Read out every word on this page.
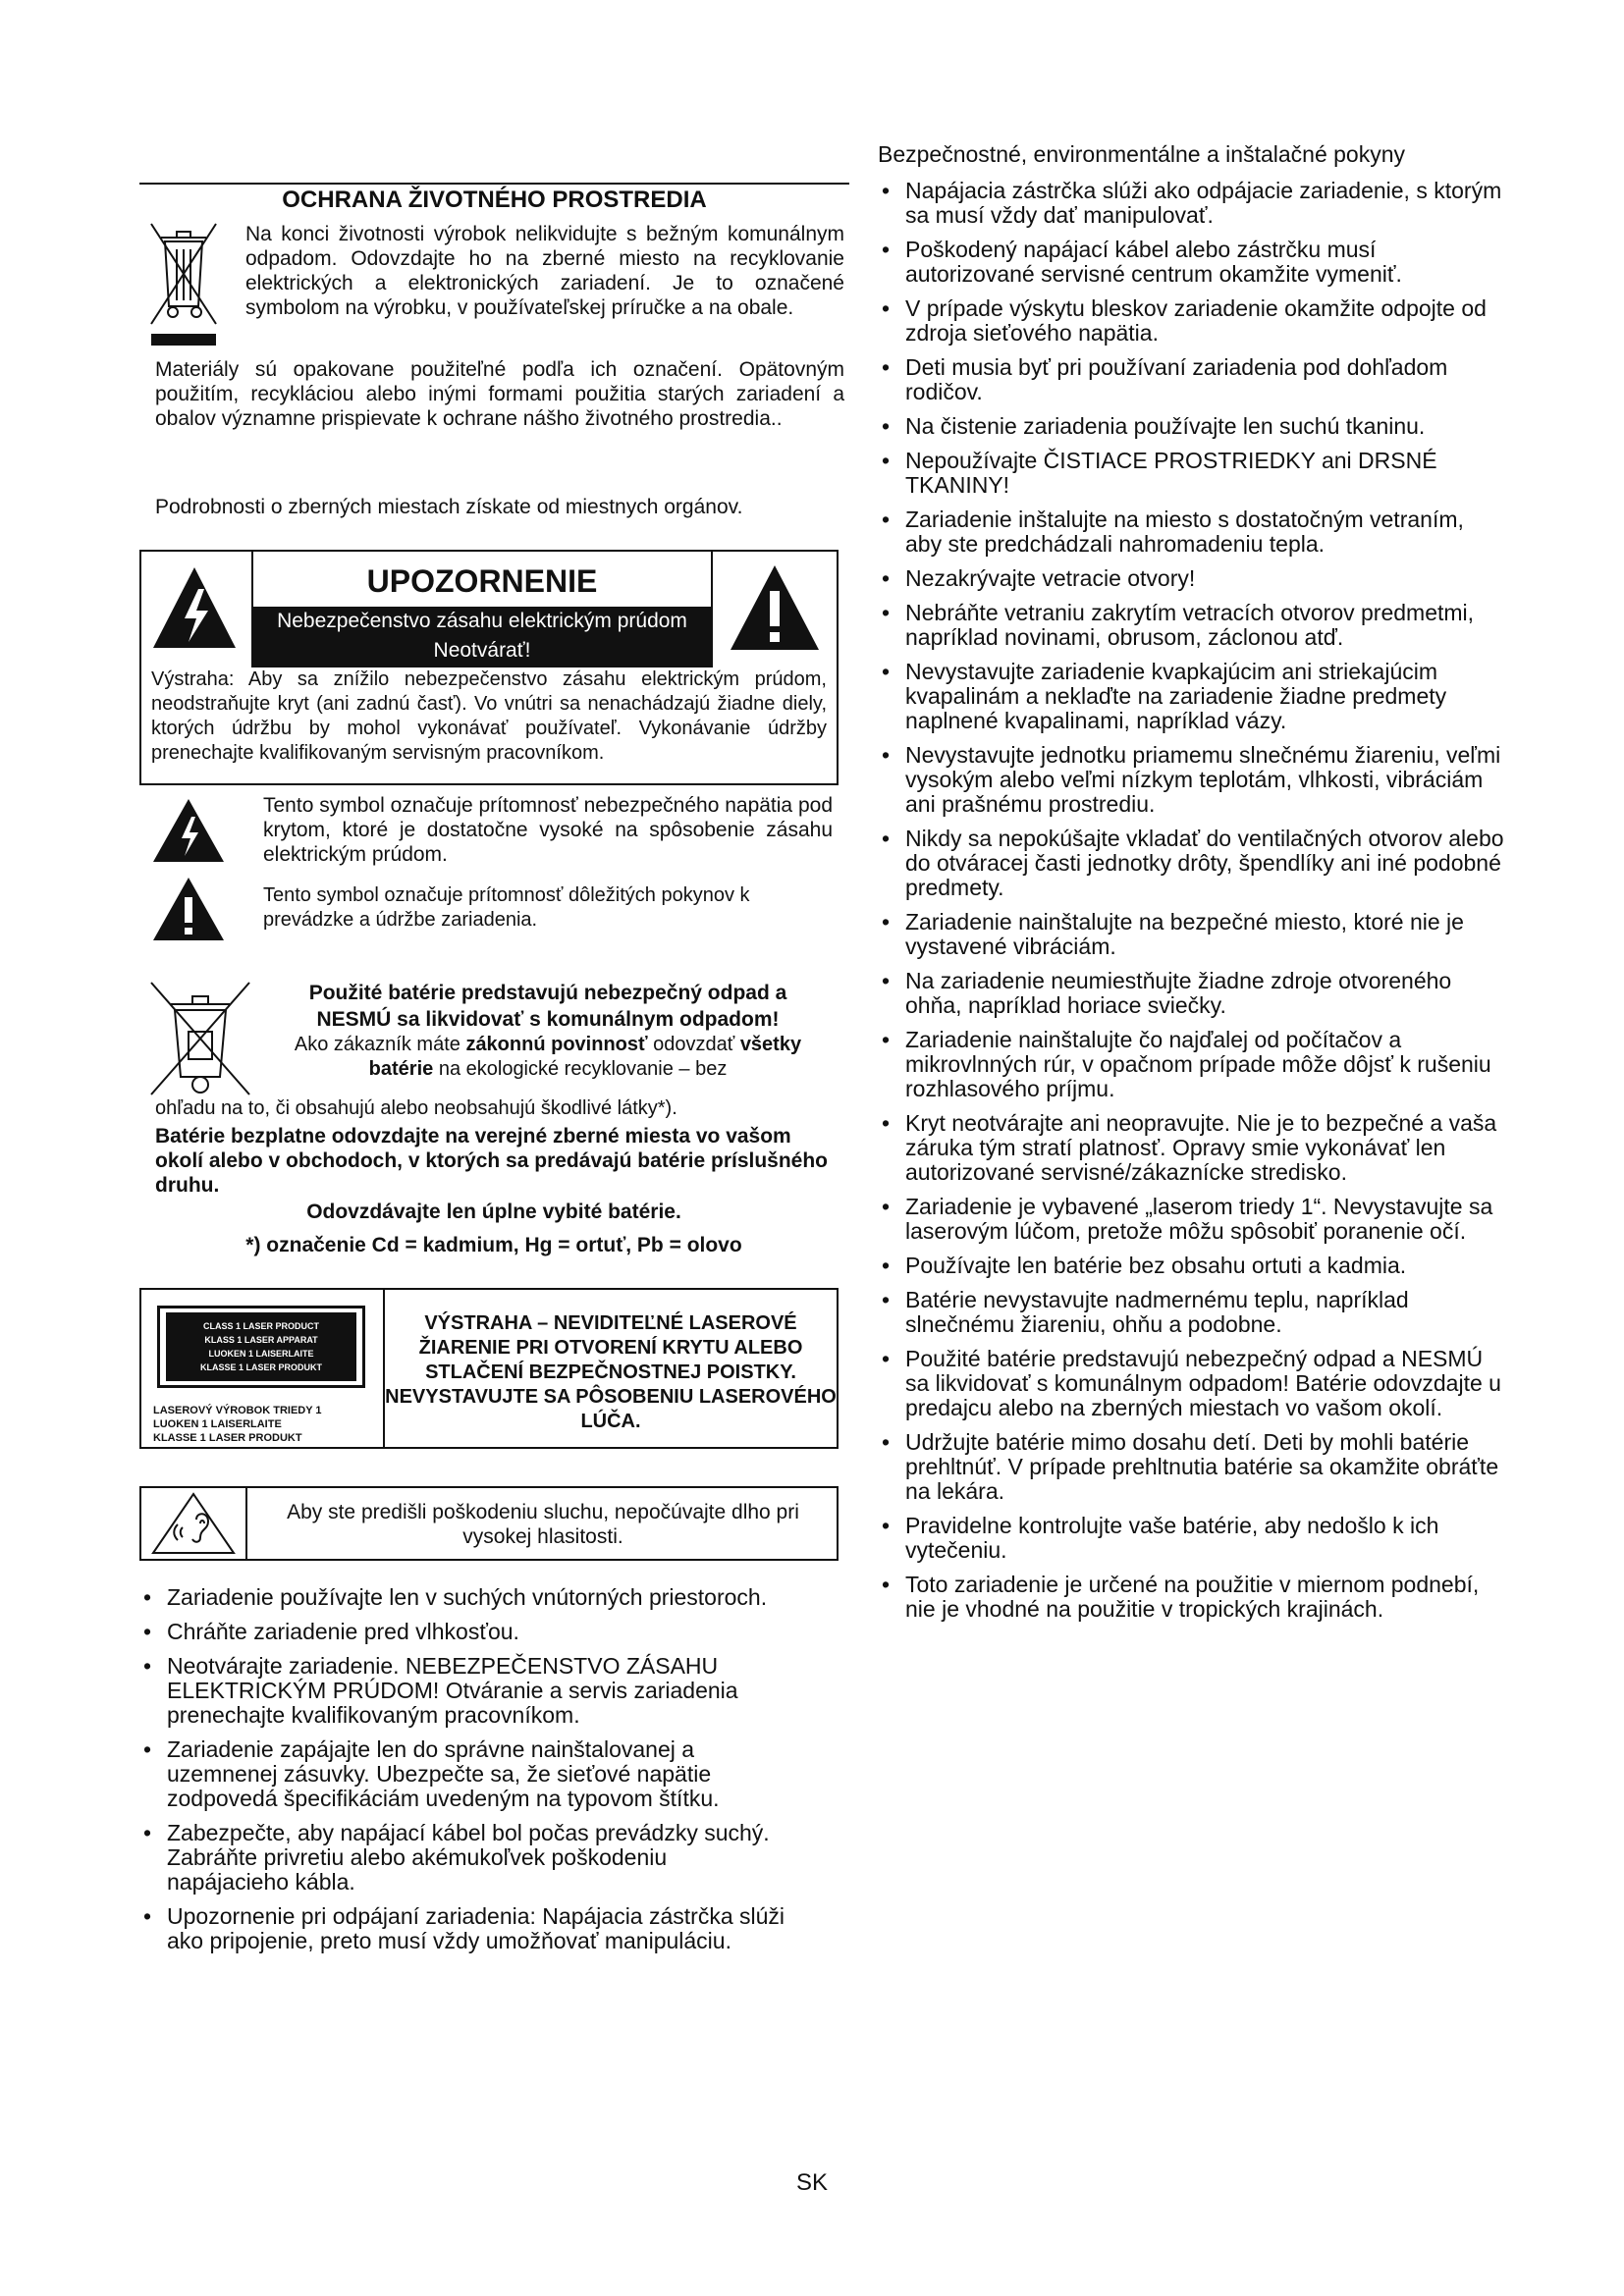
OCHRANA ŽIVOTNÉHO PROSTREDIA
Na konci životnosti výrobok nelikvidujte s bežným komunálnym odpadom. Odovzdajte ho na zberné miesto na recyklovanie elektrických a elektronických zariadení. Je to označené symbolom na výrobku, v používateľskej príručke a na obale.
Materiály sú opakovane použiteľné podľa ich označení. Opätovným použitím, recykláciou alebo inými formami použitia starých zariadení a obalov významne prispievate k ochrane nášho životného prostredia..
Podrobnosti o zberných miestach získate od miestnych orgánov.
UPOZORNENIE
Nebezpečenstvo zásahu elektrickým prúdom Neotvárať!
Výstraha: Aby sa znížilo nebezpečenstvo zásahu elektrickým prúdom, neodstraňujte kryt (ani zadnú časť). Vo vnútri sa nenachádzajú žiadne diely, ktorých údržbu by mohol vykonávať používateľ. Vykonávanie údržby prenechajte kvalifikovaným servisným pracovníkom.
Tento symbol označuje prítomnosť nebezpečného napätia pod krytom, ktoré je dostatočne vysoké na spôsobenie zásahu elektrickým prúdom.
Tento symbol označuje prítomnosť dôležitých pokynov k prevádzke a údržbe zariadenia.
Použité batérie predstavujú nebezpečný odpad a NESMÚ sa likvidovať s komunálnym odpadom!
Ako zákazník máte zákonnú povinnosť odovzdať všetky batérie na ekologické recyklovanie – bez
ohľadu na to, či obsahujú alebo neobsahujú škodlivé látky*).
Batérie bezplatne odovzdajte na verejné zberné miesta vo vašom okolí alebo v obchodoch, v ktorých sa predávajú batérie príslušného druhu.
Odovzdávajte len úplne vybité batérie.
*) označenie Cd = kadmium, Hg = ortuť, Pb = olovo
CLASS 1 LASER PRODUCT
KLASS 1 LASER APPARAT
LUOKEN 1 LAISERLAITE
KLASSE 1 LASER PRODUKT
LASEROVÝ VÝROBOK TRIEDY 1
LUOKEN 1 LAISERLAITE
KLASSE 1 LASER PRODUKT
VÝSTRAHA – NEVIDITEĽNÉ LASEROVÉ ŽIARENIE PRI OTVORENÍ KRYTU ALEBO STLAČENÍ BEZPEČNOSTNEJ POISTKY. NEVYSTAVUJTE SA PÔSOBENIU LASEROVÉHO LÚČA.
Aby ste predišli poškodeniu sluchu, nepočúvajte dlho pri vysokej hlasitosti.
• Zariadenie používajte len v suchých vnútorných priestoroch.
• Chráňte zariadenie pred vlhkosťou.
• Neotvárajte zariadenie. NEBEZPEČENSTVO ZÁSAHU ELEKTRICKÝM PRÚDOM! Otváranie a servis zariadenia prenechajte kvalifikovaným pracovníkom.
• Zariadenie zapájajte len do správne nainštalovanej a uzemnenej zásuvky. Ubezpečte sa, že sieťové napätie zodpovedá špecifikáciám uvedeným na typovom štítku.
• Zabezpečte, aby napájací kábel bol počas prevádzky suchý. Zabráňte privretiu alebo akémukoľvek poškodeniu napájacieho kábla.
• Upozornenie pri odpájaní zariadenia: Napájacia zástrčka slúži ako pripojenie, preto musí vždy umožňovať manipuláciu.
Bezpečnostné, environmentálne a inštalačné pokyny
• Napájacia zástrčka slúži ako odpájacie zariadenie, s ktorým sa musí vždy dať manipulovať.
• Poškodený napájací kábel alebo zástrčku musí autorizované servisné centrum okamžite vymeniť.
• V prípade výskytu bleskov zariadenie okamžite odpojte od zdroja sieťového napätia.
• Deti musia byť pri používaní zariadenia pod dohľadom rodičov.
• Na čistenie zariadenia používajte len suchú tkaninu.
• Nepoužívajte ČISTIACE PROSTRIEDKY ani DRSNÉ TKANINY!
• Zariadenie inštalujte na miesto s dostatočným vetraním, aby ste predchádzali nahromadeniu tepla.
• Nezakrývajte vetracie otvory!
• Nebráňte vetraniu zakrytím vetracích otvorov predmetmi, napríklad novinami, obrusom, záclonou atď.
• Nevystavujte zariadenie kvapkajúcim ani striekajúcim kvapalinám a neklaďte na zariadenie žiadne predmety naplnené kvapalinami, napríklad vázy.
• Nevystavujte jednotku priamemu slnečnému žiareniu, veľmi vysokým alebo veľmi nízkym teplotám, vlhkosti, vibráciám ani prašnému prostrediu.
• Nikdy sa nepokúšajte vkladať do ventilačných otvorov alebo do otváracej časti jednotky drôty, špendlíky ani iné podobné predmety.
• Zariadenie nainštalujte na bezpečné miesto, ktoré nie je vystavené vibráciám.
• Na zariadenie neumiestňujte žiadne zdroje otvoreného ohňa, napríklad horiace sviečky.
• Zariadenie nainštalujte čo najďalej od počítačov a mikrovlnných rúr, v opačnom prípade môže dôjsť k rušeniu rozhlasového príjmu.
• Kryt neotvárajte ani neopravujte. Nie je to bezpečné a vaša záruka tým stratí platnosť. Opravy smie vykonávať len autorizované servisné/zákaznícke stredisko.
• Zariadenie je vybavené „laserom triedy 1“. Nevystavujte sa laserovým lúčom, pretože môžu spôsobiť poranenie očí.
• Používajte len batérie bez obsahu ortuti a kadmia.
• Batérie nevystavujte nadmernému teplu, napríklad slnečnému žiareniu, ohňu a podobne.
• Použité batérie predstavujú nebezpečný odpad a NESMÚ sa likvidovať s komunálnym odpadom! Batérie odovzdajte u predajcu alebo na zberných miestach vo vašom okolí.
• Udržujte batérie mimo dosahu detí. Deti by mohli batérie prehltnúť. V prípade prehltnutia batérie sa okamžite obráťte na lekára.
• Pravidelne kontrolujte vaše batérie, aby nedošlo k ich vytečeniu.
• Toto zariadenie je určené na použitie v miernom podnebí, nie je vhodné na použitie v tropických krajinách.
SK
